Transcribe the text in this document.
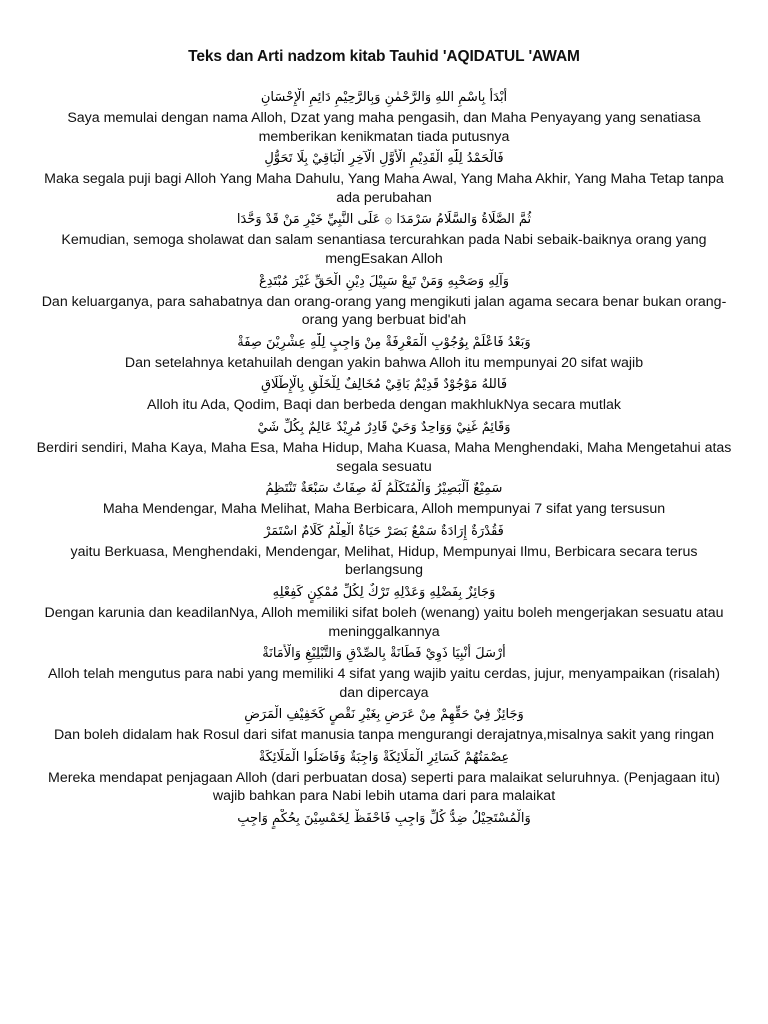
Teks dan Arti nadzom kitab Tauhid 'AQIDATUL 'AWAM
أَبْدَأُ بِاسْمِ اللهِ وَالرَّحْمٰنِ وَبِالرَّحِيْمِ دَائِمِ الْإِحْسَانِ
Saya memulai dengan nama Alloh, Dzat yang maha pengasih, dan Maha Penyayang yang senatiasa memberikan kenikmatan tiada putusnya
فَالْحَمْدُ لِلّٰهِ الْقَدِيْمِ الْأَوَّلِ الْآخِرِ الْبَاقِيْ بِلَا تَحَوُّلِ
Maka segala puji bagi Alloh Yang Maha Dahulu, Yang Maha Awal, Yang Maha Akhir, Yang Maha Tetap tanpa ada perubahan
ثُمَّ الصَّلَاةُ وَالسَّلَامُ سَرْمَدَا ۞ عَلَى النَّبِيِّ خَيْرِ مَنْ قَدْ وَحَّدَا
Kemudian, semoga sholawat dan salam senantiasa tercurahkan pada Nabi sebaik-baiknya orang yang mengEsakan Alloh
وَآلِهِ وَصَحْبِهِ وَمَنْ تَبِعْ سَبِيْلَ دِيْنِ الْحَقِّ غَيْرَ مُبْتَدِعْ
Dan keluarganya, para sahabatnya dan orang-orang yang mengikuti jalan agama secara benar bukan orang-orang yang berbuat bid'ah
وَبَعْدُ فَاعْلَمْ بِوُجُوْبِ الْمَعْرِفَةْ مِنْ وَاجِبٍ لِلّٰهِ عِشْرِيْنَ صِفَةْ
Dan setelahnya ketahuilah dengan yakin bahwa Alloh itu mempunyai 20 sifat wajib
فَاللهُ مَوْجُوْدٌ قَدِيْمٌ بَاقِيْ مُخَالِفٌ لِلْخَلْقِ بِالْإِطْلَاقِ
Alloh itu Ada, Qodim, Baqi dan berbeda dengan makhlukNya secara mutlak
وَقَائِمٌ غَنِيْ وَوَاحِدٌ وَحَيْ قَادِرٌ مُرِيْدٌ عَالِمٌ بِكُلِّ شَيْ
Berdiri sendiri, Maha Kaya, Maha Esa, Maha Hidup, Maha Kuasa, Maha Menghendaki, Maha Mengetahui atas segala sesuatu
سَمِيْعٌ اَلْبَصِيْرُ وَالْمُتَكَلِّمُ لَهُ صِفَاتٌ سَبْعَةٌ تَنْتَظِمُ
Maha Mendengar, Maha Melihat, Maha Berbicara, Alloh mempunyai 7 sifat yang tersusun
فَقُدْرَةٌ إِرَادَةٌ سَمْعٌ بَصَرْ حَيَاةٌ الْعِلْمُ كَلَامٌ اسْتَمَرْ
yaitu Berkuasa, Menghendaki, Mendengar, Melihat, Hidup, Mempunyai Ilmu, Berbicara secara terus berlangsung
وَجَائِزٌ بِفَضْلِهِ وَعَدْلِهِ تَرْكٌ لِكُلِّ مُمْكِنٍ كَفِعْلِهِ
Dengan karunia dan keadilanNya, Alloh memiliki sifat boleh (wenang) yaitu boleh mengerjakan sesuatu atau meninggalkannya
أَرْسَلَ أَنْبِيَا ذَوِيْ فَطَانَةْ بِالصِّدْقِ وَالتَّبْلِيْغِ وَالْأَمَانَةْ
Alloh telah mengutus para nabi yang memiliki 4 sifat yang wajib yaitu cerdas, jujur, menyampaikan (risalah) dan dipercaya
وَجَائِزٌ فِيْ حَقِّهِمْ مِنْ عَرَضِ بِغَيْرِ نَقْصٍ كَخَفِيْفِ الْمَرَضِ
Dan boleh didalam hak Rosul dari sifat manusia tanpa mengurangi derajatnya,misalnya sakit yang ringan
عِصْمَتُهُمْ كَسَائِرِ الْمَلَائِكَةْ وَاجِبَةٌ وَفَاضَلُوا الْمَلَائِكَةْ
Mereka mendapat penjagaan Alloh (dari perbuatan dosa) seperti para malaikat seluruhnya. (Penjagaan itu) wajib bahkan para Nabi lebih utama dari para malaikat
وَالْمُسْتَحِيْلُ ضِدُّ كُلِّ وَاجِبِ فَاحْفَظْ لِخَمْسِيْنَ بِحُكْمٍ وَاجِبِ
